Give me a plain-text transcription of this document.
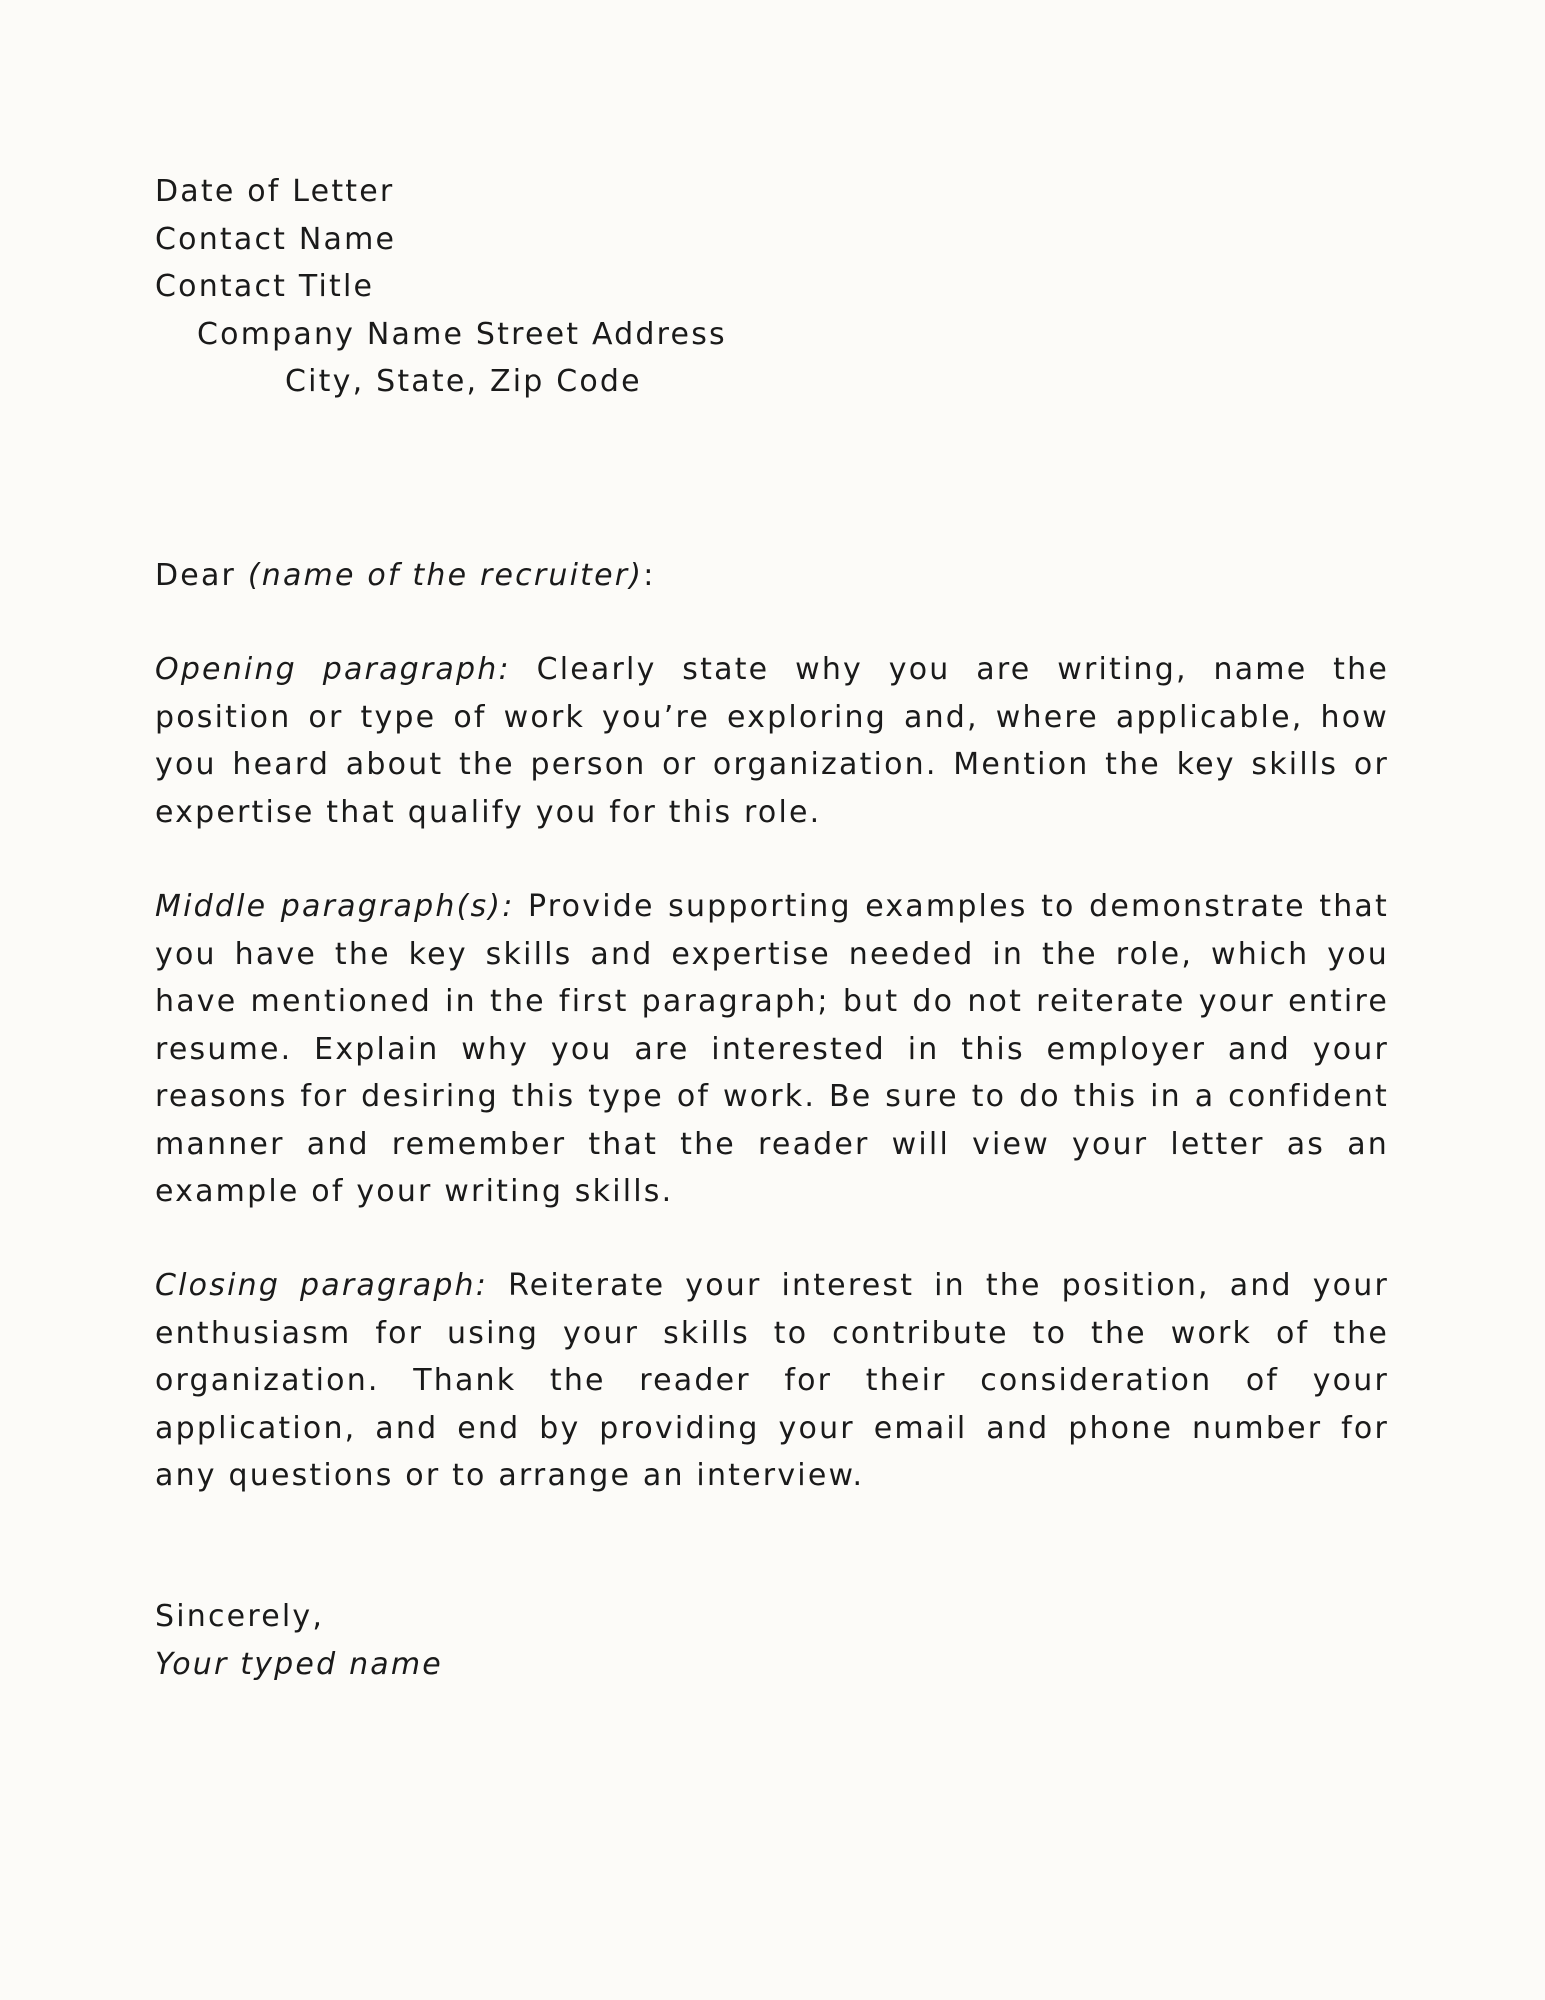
Date of Letter
Contact Name
Contact Title
Company Name Street Address
City, State, Zip Code
Dear (name of the recruiter):

Opening paragraph: Clearly state why you are writing, name the position or type of work you’re exploring and, where applicable, how you heard about the person or organization. Mention the key skills or expertise that qualify you for this role.

Middle paragraph(s): Provide supporting examples to demonstrate that you have the key skills and expertise needed in the role, which you have mentioned in the first paragraph; but do not reiterate your entire resume. Explain why you are interested in this employer and your reasons for desiring this type of work. Be sure to do this in a confident manner and remember that the reader will view your letter as an example of your writing skills.

Closing paragraph: Reiterate your interest in the position, and your enthusiasm for using your skills to contribute to the work of the organization. Thank the reader for their consideration of your application, and end by providing your email and phone number for any questions or to arrange an interview.

Sincerely,
Your typed name
